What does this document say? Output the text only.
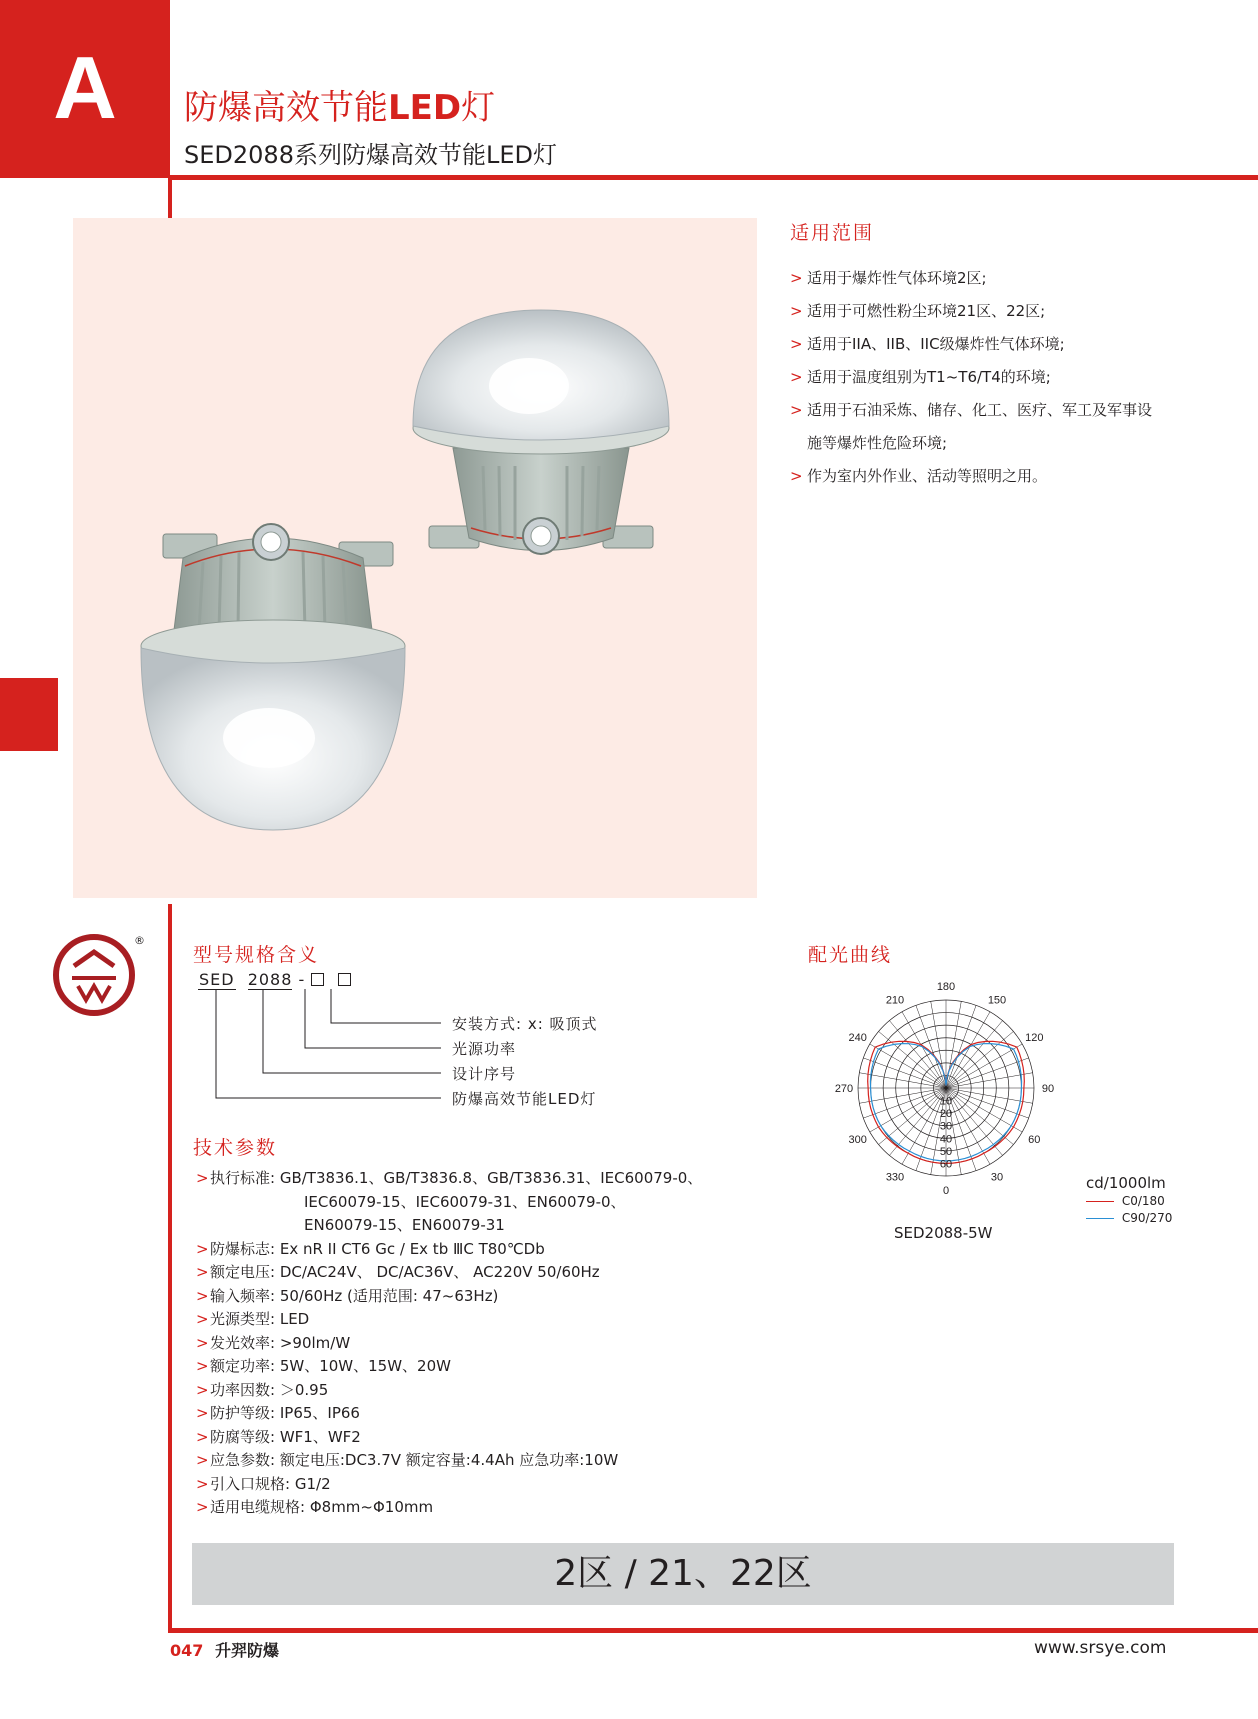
A	防爆高效节能LED灯
SED2088系列防爆高效节能LED灯
适用范围
> 适用于爆炸性气体环境2区;
> 适用于可燃性粉尘环境21区、22区;
> 适用于IIA、IIB、IIC级爆炸性气体环境;
> 适用于温度组别为T1~T6/T4的环境;
> 适用于石油采炼、储存、化工、医疗、军工及军事设施等爆炸性危险环境;
> 作为室内外作业、活动等照明之用。
®
型号规格含义
SED 2088 -
安装方式: x: 吸顶式
光源功率
设计序号
防爆高效节能LED灯
技术参数
>执行标准: GB/T3836.1、GB/T3836.8、GB/T3836.31、IEC60079-0、
IEC60079-15、IEC60079-31、EN60079-0、
EN60079-15、EN60079-31
>防爆标志: Ex nR II CT6 Gc / Ex tb ⅢC T80℃Db
>额定电压: DC/AC24V、 DC/AC36V、 AC220V 50/60Hz
>输入频率: 50/60Hz (适用范围: 47~63Hz)
>光源类型: LED
>发光效率: >90lm/W
>额定功率: 5W、10W、15W、20W
>功率因数: ＞0.95
>防护等级: IP65、IP66
>防腐等级: WF1、WF2
>应急参数: 额定电压:DC3.7V 额定容量:4.4Ah 应急功率:10W
>引入口规格: G1/2
>适用电缆规格: Φ8mm~Φ10mm
配光曲线
180
150
120
90
60
30
0
330
300
270
240
210
10
20
30
40
50
60
SED2088-5W
cd/1000lm
C0/180
C90/270
2区 / 21、22区
047 升羿防爆	www.srsye.com
